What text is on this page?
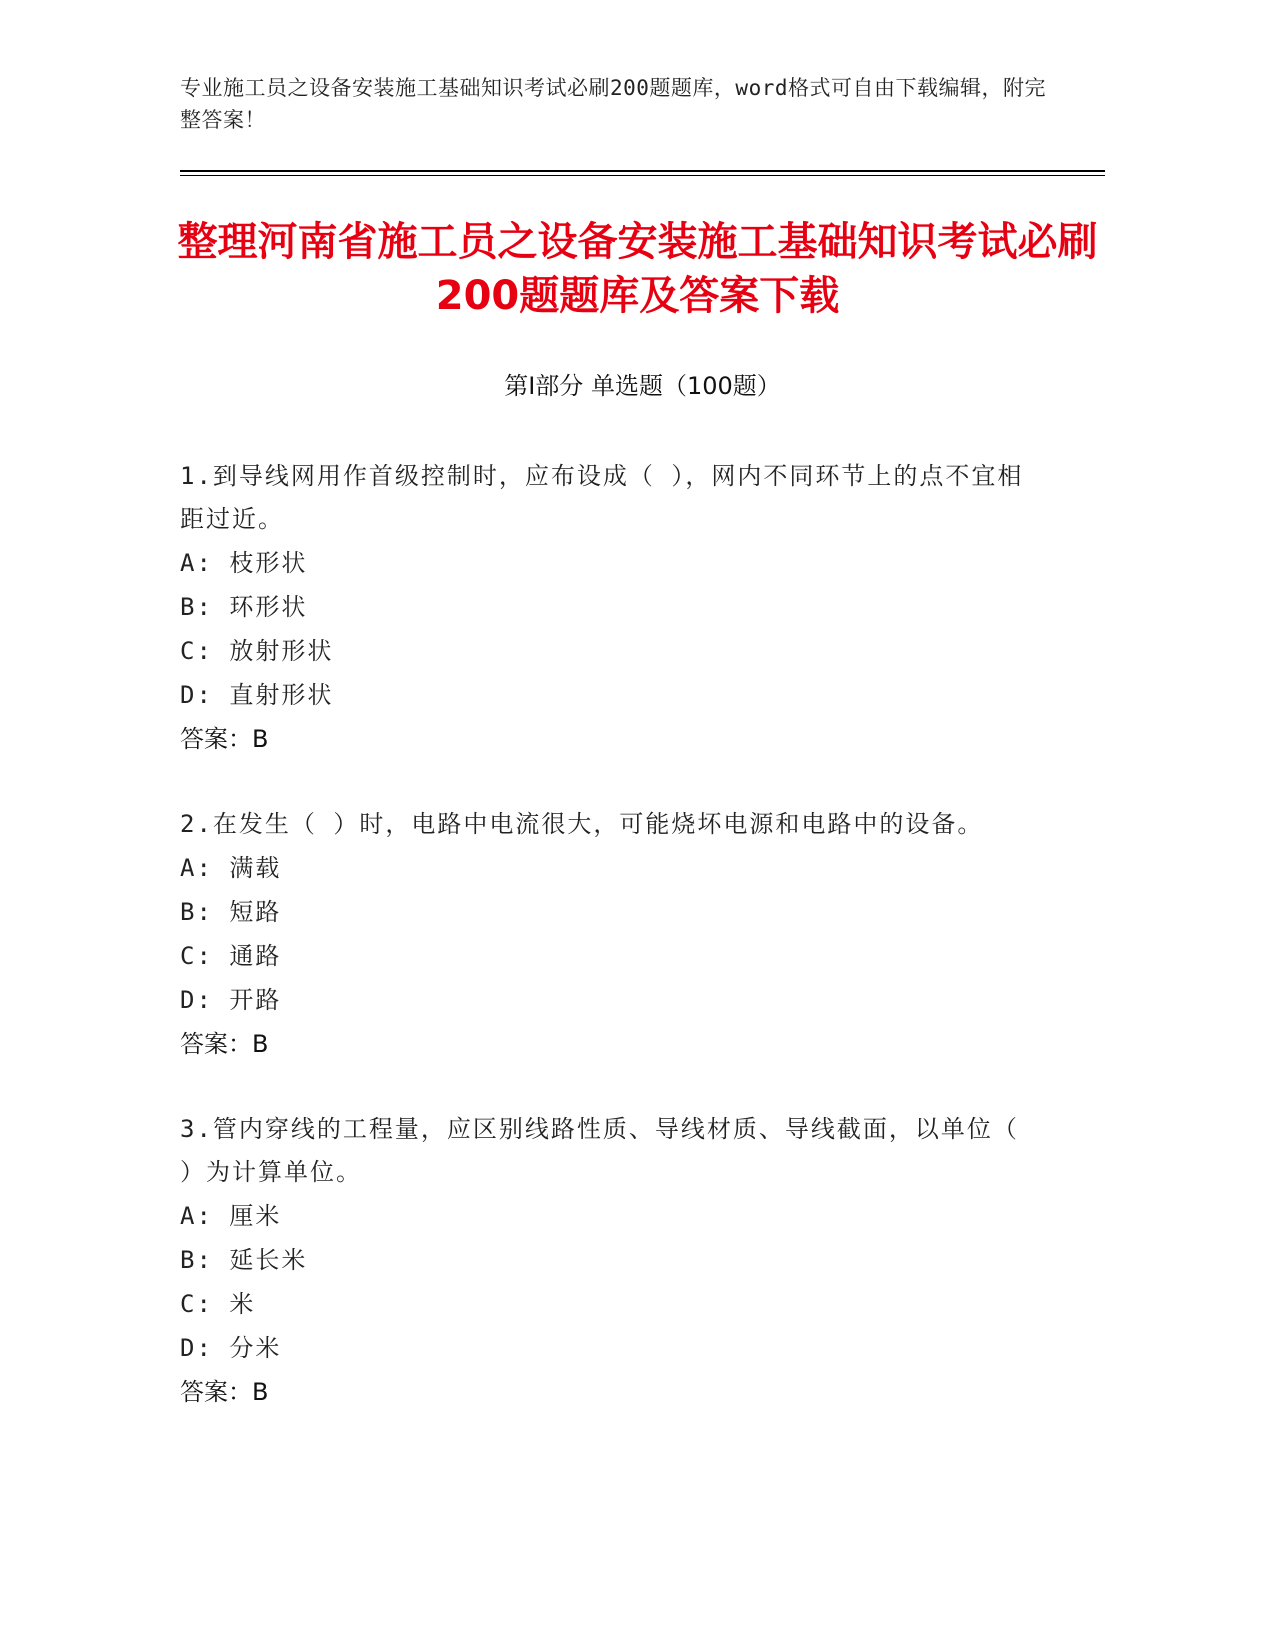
专业施工员之设备安装施工基础知识考试必刷200题题库，word格式可自由下载编辑，附完整答案！
整理河南省施工员之设备安装施工基础知识考试必刷200题题库及答案下载
第I部分 单选题（100题）
1.到导线网用作首级控制时，应布设成（ ），网内不同环节上的点不宜相距过近。
A: 枝形状
B: 环形状
C: 放射形状
D: 直射形状
答案：B
2.在发生（ ）时，电路中电流很大，可能烧坏电源和电路中的设备。
A: 满载
B: 短路
C: 通路
D: 开路
答案：B
3.管内穿线的工程量，应区别线路性质、导线材质、导线截面，以单位（ ）为计算单位。
A: 厘米
B: 延长米
C: 米
D: 分米
答案：B
